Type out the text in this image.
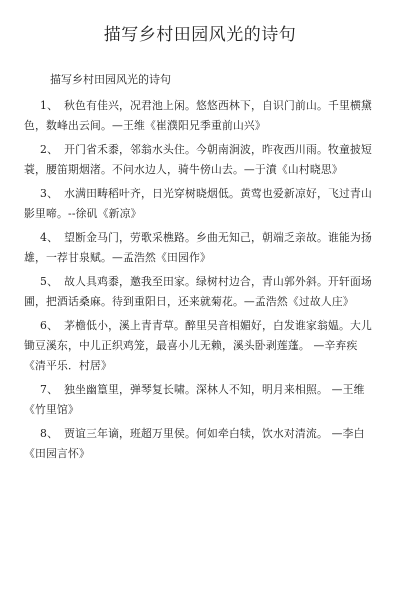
描写乡村田园风光的诗句
描写乡村田园风光的诗句
1、 秋色有佳兴，况君池上闲。悠悠西林下，自识门前山。千里横黛色，数峰出云间。—王维《崔濮阳兄季重前山兴》
2、 开门省禾黍，邻翁水头住。今朝南涧波，昨夜西川雨。牧童披短蓑，腰笛期烟渚。不问水边人，骑牛傍山去。—于濆《山村晓思》
3、 水满田畴稻叶齐，日光穿树晓烟低。黄莺也爱新凉好，飞过青山影里啼。--徐矶《新凉》
4、 望断金马门，劳歌采樵路。乡曲无知己，朝端乏亲故。谁能为扬雄，一荐甘泉赋。—孟浩然《田园作》
5、 故人具鸡黍，邀我至田家。绿树村边合，青山郭外斜。开轩面场圃，把酒话桑麻。待到重阳日，还来就菊花。—孟浩然《过故人庄》
6、 茅檐低小，溪上青青草。醉里吴音相媚好，白发谁家翁媪。大儿锄豆溪东，中儿正织鸡笼，最喜小儿无赖，溪头卧剥莲蓬。 —辛弃疾《清平乐．村居》
7、 独坐幽篁里，弹琴复长啸。深林人不知，明月来相照。 —王维《竹里馆》
8、 贾谊三年谪，班超万里侯。何如牵白犊，饮水对清流。 —李白《田园言怀》
